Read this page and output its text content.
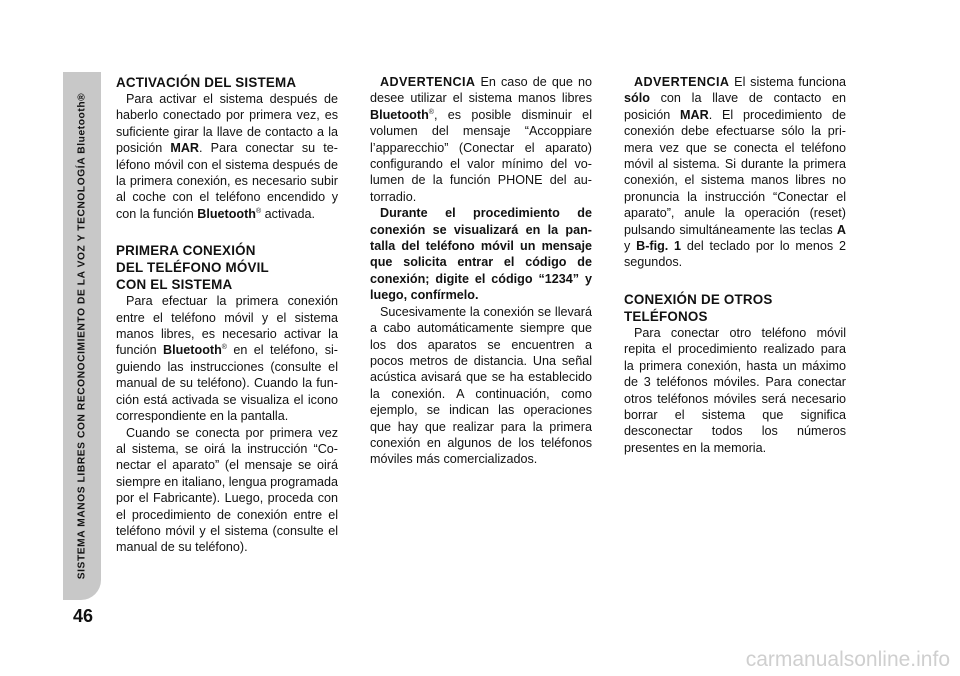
SISTEMA MANOS LIBRES CON RECONOCIMIENTO DE LA VOZ Y TECNOLOGÍA Bluetooth®
46
ACTIVACIÓN DEL SISTEMA

Para activar el sistema después de haberlo conectado por primera vez, es suficiente girar la llave de contacto a la posición MAR. Para conectar su teléfono móvil con el sistema después de la primera conexión, es necesario subir al coche con el teléfono encendido y con la función Bluetooth® activada.

PRIMERA CONEXIÓN
DEL TELÉFONO MÓVIL
CON EL SISTEMA

Para efectuar la primera conexión entre el teléfono móvil y el sistema manos libres, es necesario activar la función Bluetooth® en el teléfono, siguiendo las instrucciones (consulte el manual de su teléfono). Cuando la función está activada se visualiza el icono correspondiente en la pantalla.

Cuando se conecta por primera vez al sistema, se oirá la instrucción “Conectar el aparato” (el mensaje se oirá siempre en italiano, lengua programada por el Fabricante). Luego, proceda con el procedimiento de conexión entre el teléfono móvil y el sistema (consulte el manual de su teléfono).

ADVERTENCIA En caso de que no desee utilizar el sistema manos libres Bluetooth®, es posible disminuir el volumen del mensaje “Accoppiare l’apparecchio” (Conectar el aparato) configurando el valor mínimo del volumen de la función PHONE del autorradio.

Durante el procedimiento de conexión se visualizará en la pantalla del teléfono móvil un mensaje que solicita entrar el código de conexión; digite el código “1234” y luego, confírmelo.

Sucesivamente la conexión se llevará a cabo automáticamente siempre que los dos aparatos se encuentren a pocos metros de distancia. Una señal acústica avisará que se ha establecido la conexión. A continuación, como ejemplo, se indican las operaciones que hay que realizar para la primera conexión en algunos de los teléfonos móviles más comercializados.

ADVERTENCIA El sistema funciona sólo con la llave de contacto en posición MAR. El procedimiento de conexión debe efectuarse sólo la primera vez que se conecta el teléfono móvil al sistema. Si durante la primera conexión, el sistema manos libres no pronuncia la instrucción “Conectar el aparato”, anule la operación (reset) pulsando simultáneamente las teclas A y B-fig. 1 del teclado por lo menos 2 segundos.

CONEXIÓN DE OTROS
TELÉFONOS

Para conectar otro teléfono móvil repita el procedimiento realizado para la primera conexión, hasta un máximo de 3 teléfonos móviles. Para conectar otros teléfonos móviles será necesario borrar el sistema que significa desconectar todos los números presentes en la memoria.

carmanualsonline.info
